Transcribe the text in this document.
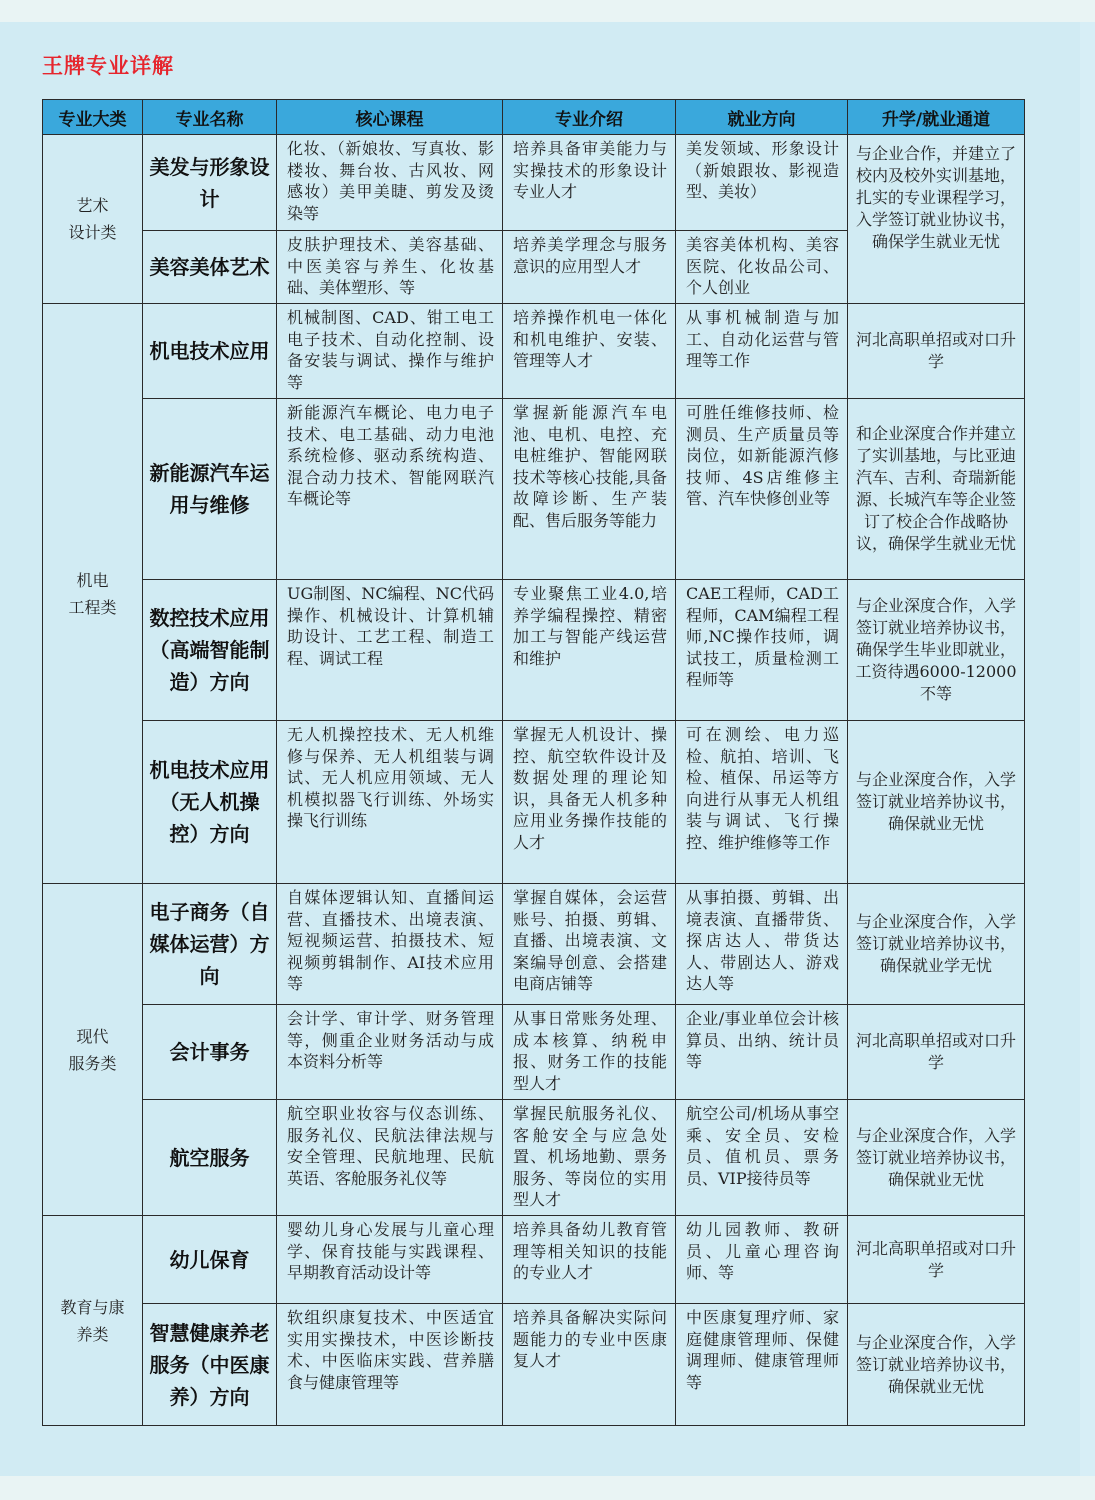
王牌专业详解
专业大类	专业名称	核心课程	专业介绍	就业方向	升学/就业通道

艺术
设计类	美发与形象设计	化妆、（新娘妆、写真妆、影楼妆、舞台妆、古风妆、网感妆）美甲美睫、剪发及烫染等	培养具备审美能力与实操技术的形象设计专业人才	美发领域、形象设计（新娘跟妆、影视造型、美妆）	与企业合作，并建立了校内及校外实训基地，扎实的专业课程学习，入学签订就业协议书，确保学生就业无忧
	美容美体艺术	皮肤护理技术、美容基础、中医美容与养生、化妆基础、美体塑形、等	培养美学理念与服务意识的应用型人才	美容美体机构、美容医院、化妆品公司、个人创业	

机电
工程类	机电技术应用	机械制图、CAD、钳工电工电子技术、自动化控制、设备安装与调试、操作与维护等	培养操作机电一体化和机电维护、安装、管理等人才	从事机械制造与加工、自动化运营与管理等工作	河北高职单招或对口升学
	新能源汽车运用与维修	新能源汽车概论、电力电子技术、电工基础、动力电池系统检修、驱动系统构造、混合动力技术、智能网联汽车概论等	掌握新能源汽车电池、电机、电控、充电桩维护、智能网联技术等核心技能,具备故障诊断、生产装配、售后服务等能力	可胜任维修技师、检测员、生产质量员等岗位，如新能源汽修技师、4S店维修主管、汽车快修创业等	和企业深度合作并建立了实训基地，与比亚迪汽车、吉利、奇瑞新能源、长城汽车等企业签订了校企合作战略协议，确保学生就业无忧
	数控技术应用（高端智能制造）方向	UG制图、NC编程、NC代码操作、机械设计、计算机辅助设计、工艺工程、制造工程、调试工程	专业聚焦工业4.0,培养学编程操控、精密加工与智能产线运营和维护	CAE工程师，CAD工程师，CAM编程工程师,NC操作技师，调试技工，质量检测工程师等	与企业深度合作，入学签订就业培养协议书，确保学生毕业即就业，工资待遇6000-12000不等
	机电技术应用（无人机操控）方向	无人机操控技术、无人机维修与保养、无人机组装与调试、无人机应用领域、无人机模拟器飞行训练、外场实操飞行训练	掌握无人机设计、操控、航空软件设计及数据处理的理论知识，具备无人机多种应用业务操作技能的人才	可在测绘、电力巡检、航拍、培训、飞检、植保、吊运等方向进行从事无人机组装与调试、飞行操控、维护维修等工作	与企业深度合作，入学签订就业培养协议书，确保就业无忧

现代
服务类	电子商务（自媒体运营）方向	自媒体逻辑认知、直播间运营、直播技术、出境表演、短视频运营、拍摄技术、短视频剪辑制作、AI技术应用等	掌握自媒体，会运营账号、拍摄、剪辑、直播、出境表演、文案编导创意、会搭建电商店铺等	从事拍摄、剪辑、出境表演、直播带货、探店达人、带货达人、带剧达人、游戏达人等	与企业深度合作，入学签订就业培养协议书，确保就业学无忧
	会计事务	会计学、审计学、财务管理等，侧重企业财务活动与成本资料分析等	从事日常账务处理、成本核算、纳税申报、财务工作的技能型人才	企业/事业单位会计核算员、出纳、统计员等	河北高职单招或对口升学
	航空服务	航空职业妆容与仪态训练、服务礼仪、民航法律法规与安全管理、民航地理、民航英语、客舱服务礼仪等	掌握民航服务礼仪、客舱安全与应急处置、机场地勤、票务服务、等岗位的实用型人才	航空公司/机场从事空乘、安全员、安检员、值机员、票务员、VIP接待员等	与企业深度合作，入学签订就业培养协议书，确保就业无忧

教育与康
养类	幼儿保育	婴幼儿身心发展与儿童心理学、保育技能与实践课程、早期教育活动设计等	培养具备幼儿教育管理等相关知识的技能的专业人才	幼儿园教师、教研员、儿童心理咨询师、等	河北高职单招或对口升学
	智慧健康养老服务（中医康养）方向	软组织康复技术、中医适宜实用实操技术，中医诊断技术、中医临床实践、营养膳食与健康管理等	培养具备解决实际问题能力的专业中医康复人才	中医康复理疗师、家庭健康管理师、保健调理师、健康管理师等	与企业深度合作，入学签订就业培养协议书，确保就业无忧
